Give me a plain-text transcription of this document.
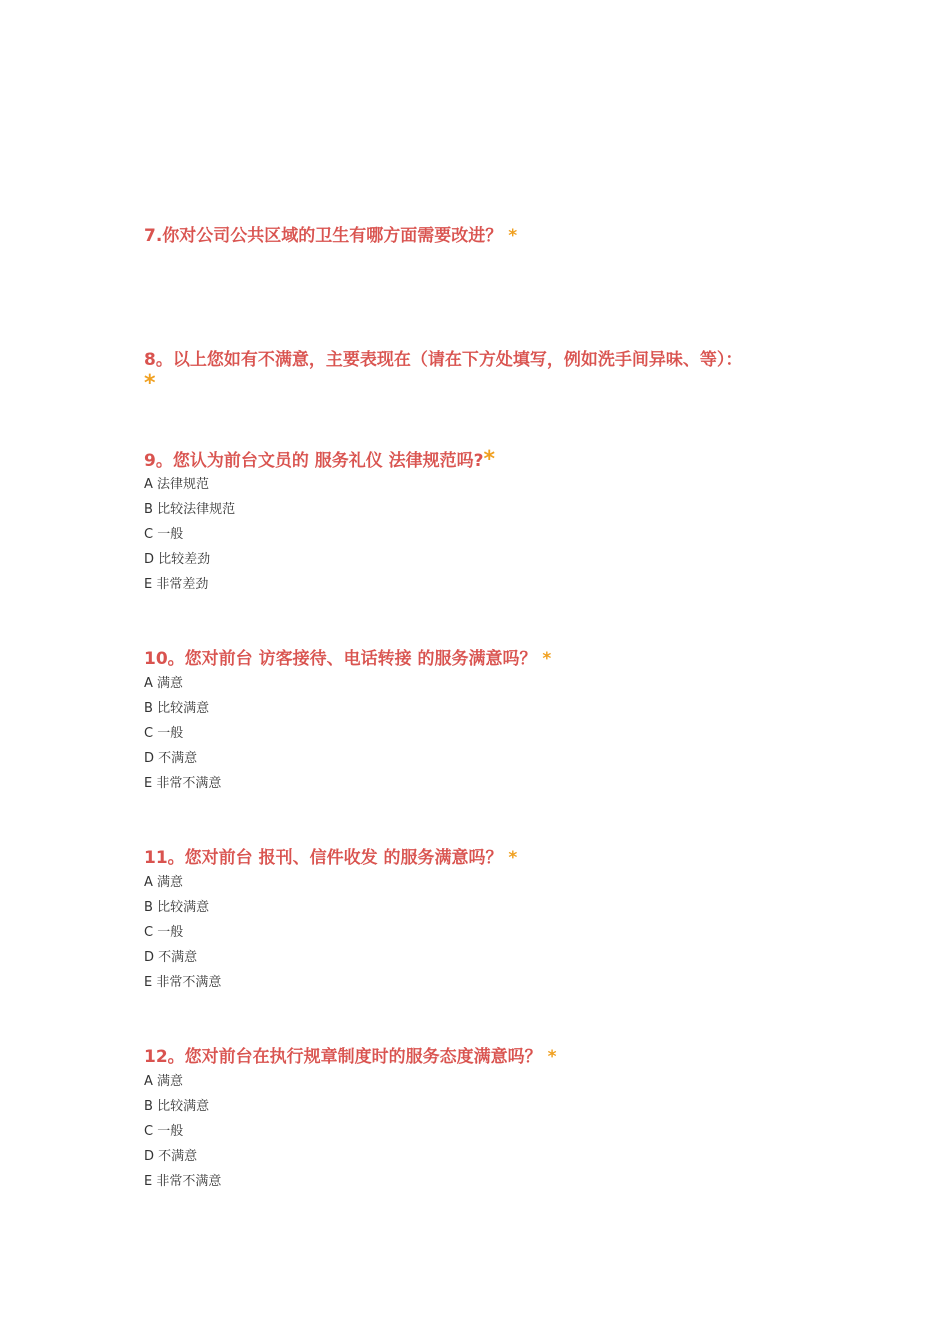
7.你对公司公共区域的卫生有哪方面需要改进？ *
8。以上您如有不满意，主要表现在（请在下方处填写，例如洗手间异味、等）：
*
9。您认为前台文员的 服务礼仪 法律规范吗?*
A 法律规范
B 比较法律规范
C 一般
D 比较差劲
E 非常差劲
10。您对前台 访客接待、电话转接 的服务满意吗？ *
A 满意
B 比较满意
C 一般
D 不满意
E 非常不满意
11。您对前台 报刊、信件收发 的服务满意吗？ *
A 满意
B 比较满意
C 一般
D 不满意
E 非常不满意
12。您对前台在执行规章制度时的服务态度满意吗？ *
A 满意
B 比较满意
C 一般
D 不满意
E 非常不满意
